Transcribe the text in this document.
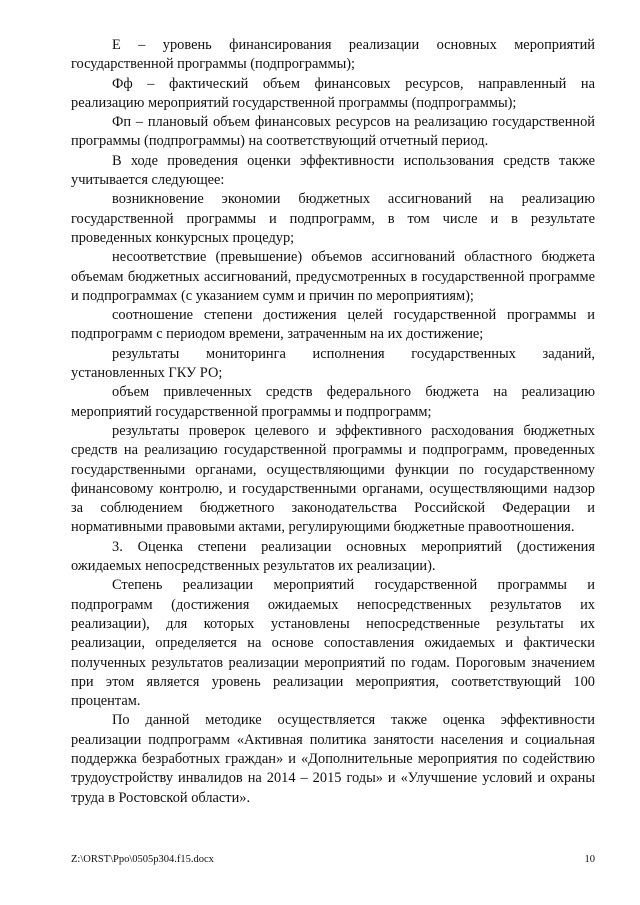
Е – уровень финансирования реализации основных мероприятий государственной программы (подпрограммы);

Фф – фактический объем финансовых ресурсов, направленный на реализацию мероприятий государственной программы (подпрограммы);

Фп – плановый объем финансовых ресурсов на реализацию государственной программы (подпрограммы) на соответствующий отчетный период.

В ходе проведения оценки эффективности использования средств также учитывается следующее:

возникновение экономии бюджетных ассигнований на реализацию государственной программы и подпрограмм, в том числе и в результате проведенных конкурсных процедур;

несоответствие (превышение) объемов ассигнований областного бюджета объемам бюджетных ассигнований, предусмотренных в государственной программе и подпрограммах (с указанием сумм и причин по мероприятиям);

соотношение степени достижения целей государственной программы и подпрограмм с периодом времени, затраченным на их достижение;

результаты мониторинга исполнения государственных заданий, установленных ГКУ РО;

объем привлеченных средств федерального бюджета на реализацию мероприятий государственной программы и подпрограмм;

результаты проверок целевого и эффективного расходования бюджетных средств на реализацию государственной программы и подпрограмм, проведенных государственными органами, осуществляющими функции по государственному финансовому контролю, и государственными органами, осуществляющими надзор за соблюдением бюджетного законодательства Российской Федерации и нормативными правовыми актами, регулирующими бюджетные правоотношения.

3. Оценка степени реализации основных мероприятий (достижения ожидаемых непосредственных результатов их реализации).

Степень реализации мероприятий государственной программы и подпрограмм (достижения ожидаемых непосредственных результатов их реализации), для которых установлены непосредственные результаты их реализации, определяется на основе сопоставления ожидаемых и фактически полученных результатов реализации мероприятий по годам. Пороговым значением при этом является уровень реализации мероприятия, соответствующий 100 процентам.

По данной методике осуществляется также оценка эффективности реализации подпрограмм «Активная политика занятости населения и социальная поддержка безработных граждан» и «Дополнительные мероприятия по содействию трудоустройству инвалидов на 2014 – 2015 годы» и «Улучшение условий и охраны труда в Ростовской области».

Z:\ORST\Ppo\0505p304.f15.docx	10
